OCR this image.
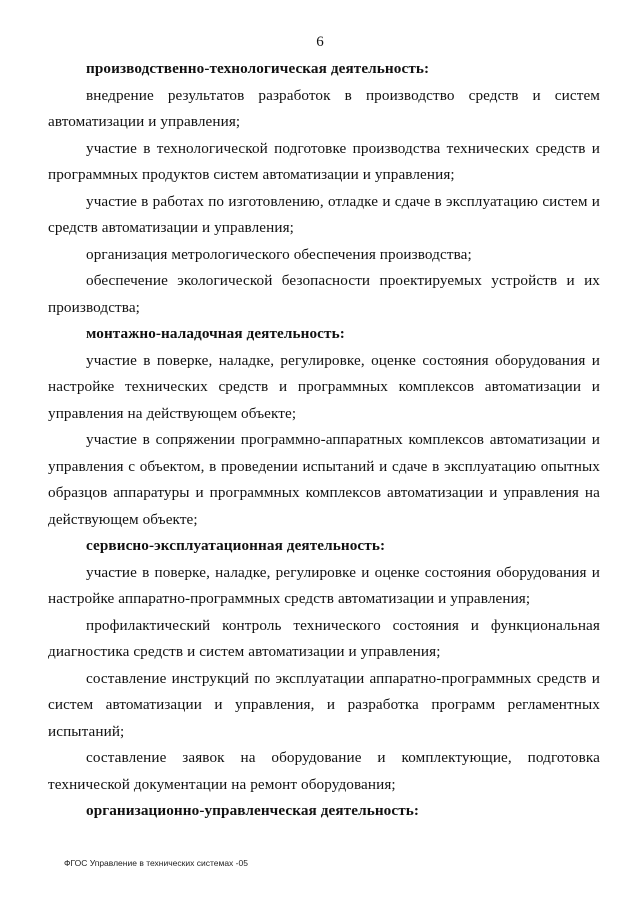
6

производственно-технологическая деятельность:

внедрение результатов разработок в производство средств и систем автоматизации и управления;

участие в технологической подготовке производства технических средств и программных продуктов систем автоматизации и управления;

участие в работах по изготовлению, отладке и сдаче в эксплуатацию систем и средств автоматизации и управления;

организация метрологического обеспечения производства;

обеспечение экологической безопасности проектируемых устройств и их производства;

монтажно-наладочная деятельность:

участие в поверке, наладке, регулировке, оценке состояния оборудования и настройке технических средств и программных комплексов автоматизации и управления на действующем объекте;

участие в сопряжении программно-аппаратных комплексов автоматизации и управления с объектом, в проведении испытаний и сдаче в эксплуатацию опытных образцов аппаратуры и программных комплексов автоматизации и управления на действующем объекте;

сервисно-эксплуатационная деятельность:

участие в поверке, наладке, регулировке и оценке состояния оборудования и настройке аппаратно-программных средств автоматизации и управления;

профилактический контроль технического состояния и функциональная диагностика средств и систем автоматизации и управления;

составление инструкций по эксплуатации аппаратно-программных средств и систем автоматизации и управления, и разработка программ регламентных испытаний;

составление заявок на оборудование и комплектующие, подготовка технической документации на ремонт оборудования;

организационно-управленческая деятельность:

ФГОС Управление в технических системах -05
